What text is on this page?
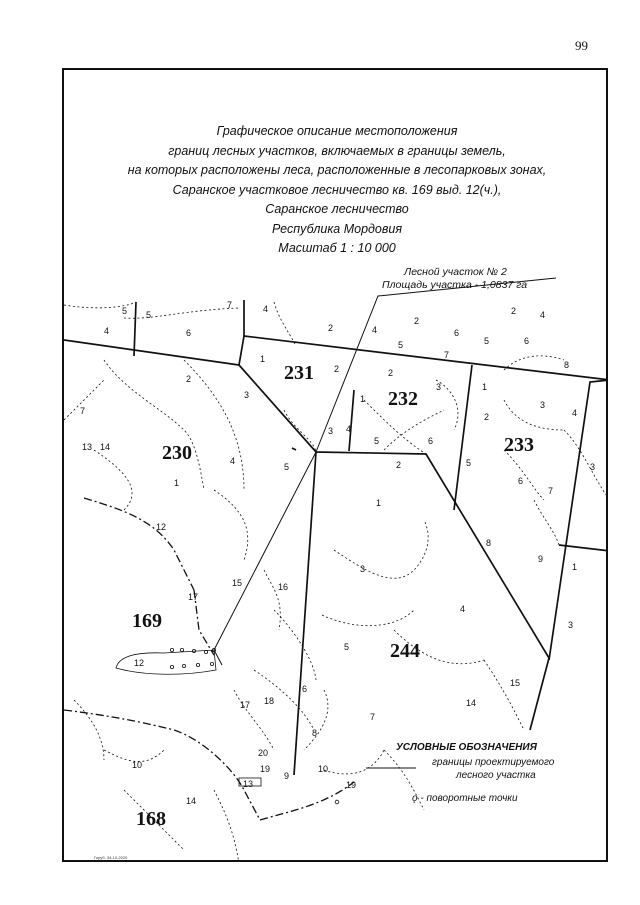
99
Графическое описание местоположения
границ лесных участков, включаемых в границы земель,
на которых расположены леса, расположенные в лесопарковых зонах,
Саранское участковое лесничество кв. 169 выд. 12(ч.),
Саранское лесничество
Республика Мордовия
Масштаб 1 : 10 000
Лесной участок № 2
Площадь участка - 1,0837 га
231
232
233
230
244
169
168
5 5
4	6
7	4
2	4
2
2	4
6
5
1
2
5
7
6
8
3
2
1
1
2
3
3
4
2
3
5	6
4
7
3
13 14
4
5	5
2
1	6
1
7
12
8
9
3
17
16
15
1
3
4
12
5
14
15
18
6
7
17
8
20
19	10
9
19
10
13
14
УСЛОВНЫЕ ОБОЗНАЧЕНИЯ
границы проектируемого
лесного участка
ǫ - поворотные точки
Горуб. 34-10-2020
